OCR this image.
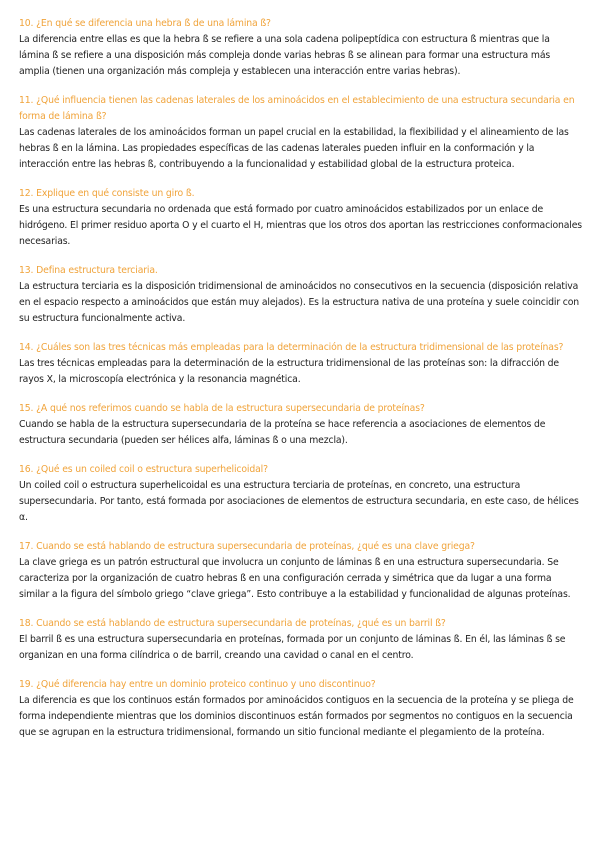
10. ¿En qué se diferencia una hebra ß de una lámina ß?

La diferencia entre ellas es que la hebra ß se refiere a una sola cadena polipeptídica con estructura ß mientras que la lámina ß se refiere a una disposición más compleja donde varias hebras ß se alinean para formar una estructura más amplia (tienen una organización más compleja y establecen una interacción entre varias hebras).

11. ¿Qué influencia tienen las cadenas laterales de los aminoácidos en el establecimiento de una estructura secundaria en forma de lámina ß?

Las cadenas laterales de los aminoácidos forman un papel crucial en la estabilidad, la flexibilidad y el alineamiento de las hebras ß en la lámina. Las propiedades específicas de las cadenas laterales pueden influir en la conformación y la interacción entre las hebras ß, contribuyendo a la funcionalidad y estabilidad global de la estructura proteica.

12. Explique en qué consiste un giro ß.

Es una estructura secundaria no ordenada que está formado por cuatro aminoácidos estabilizados por un enlace de hidrógeno. El primer residuo aporta O y el cuarto el H, mientras que los otros dos aportan las restricciones conformacionales necesarias.

13. Defina estructura terciaria.

La estructura terciaria es la disposición tridimensional de aminoácidos no consecutivos en la secuencia (disposición relativa en el espacio respecto a aminoácidos que están muy alejados). Es la estructura nativa de una proteína y suele coincidir con su estructura funcionalmente activa.

14. ¿Cuáles son las tres técnicas más empleadas para la determinación de la estructura tridimensional de las proteínas?

Las tres técnicas empleadas para la determinación de la estructura tridimensional de las proteínas son: la difracción de rayos X, la microscopía electrónica y la resonancia magnética.

15. ¿A qué nos referimos cuando se habla de la estructura supersecundaria de proteínas?

Cuando se habla de la estructura supersecundaria de la proteína se hace referencia a asociaciones de elementos de estructura secundaria (pueden ser hélices alfa, láminas ß o una mezcla).

16. ¿Qué es un coiled coil o estructura superhelicoidal?

Un coiled coil o estructura superhelicoidal es una estructura terciaria de proteínas, en concreto, una estructura supersecundaria. Por tanto, está formada por asociaciones de elementos de estructura secundaria, en este caso, de hélices α.

17. Cuando se está hablando de estructura supersecundaria de proteínas, ¿qué es una clave griega?

La clave griega es un patrón estructural que involucra un conjunto de láminas ß en una estructura supersecundaria. Se caracteriza por la organización de cuatro hebras ß en una configuración cerrada y simétrica que da lugar a una forma similar a la figura del símbolo griego “clave griega”. Esto contribuye a la estabilidad y funcionalidad de algunas proteínas.

18. Cuando se está hablando de estructura supersecundaria de proteínas, ¿qué es un barril ß?

El barril ß es una estructura supersecundaria en proteínas, formada por un conjunto de láminas ß. En él, las láminas ß se organizan en una forma cilíndrica o de barril, creando una cavidad o canal en el centro.

19. ¿Qué diferencia hay entre un dominio proteico continuo y uno discontinuo?

La diferencia es que los continuos están formados por aminoácidos contiguos en la secuencia de la proteína y se pliega de forma independiente mientras que los dominios discontinuos están formados por segmentos no contiguos en la secuencia que se agrupan en la estructura tridimensional, formando un sitio funcional mediante el plegamiento de la proteína.
